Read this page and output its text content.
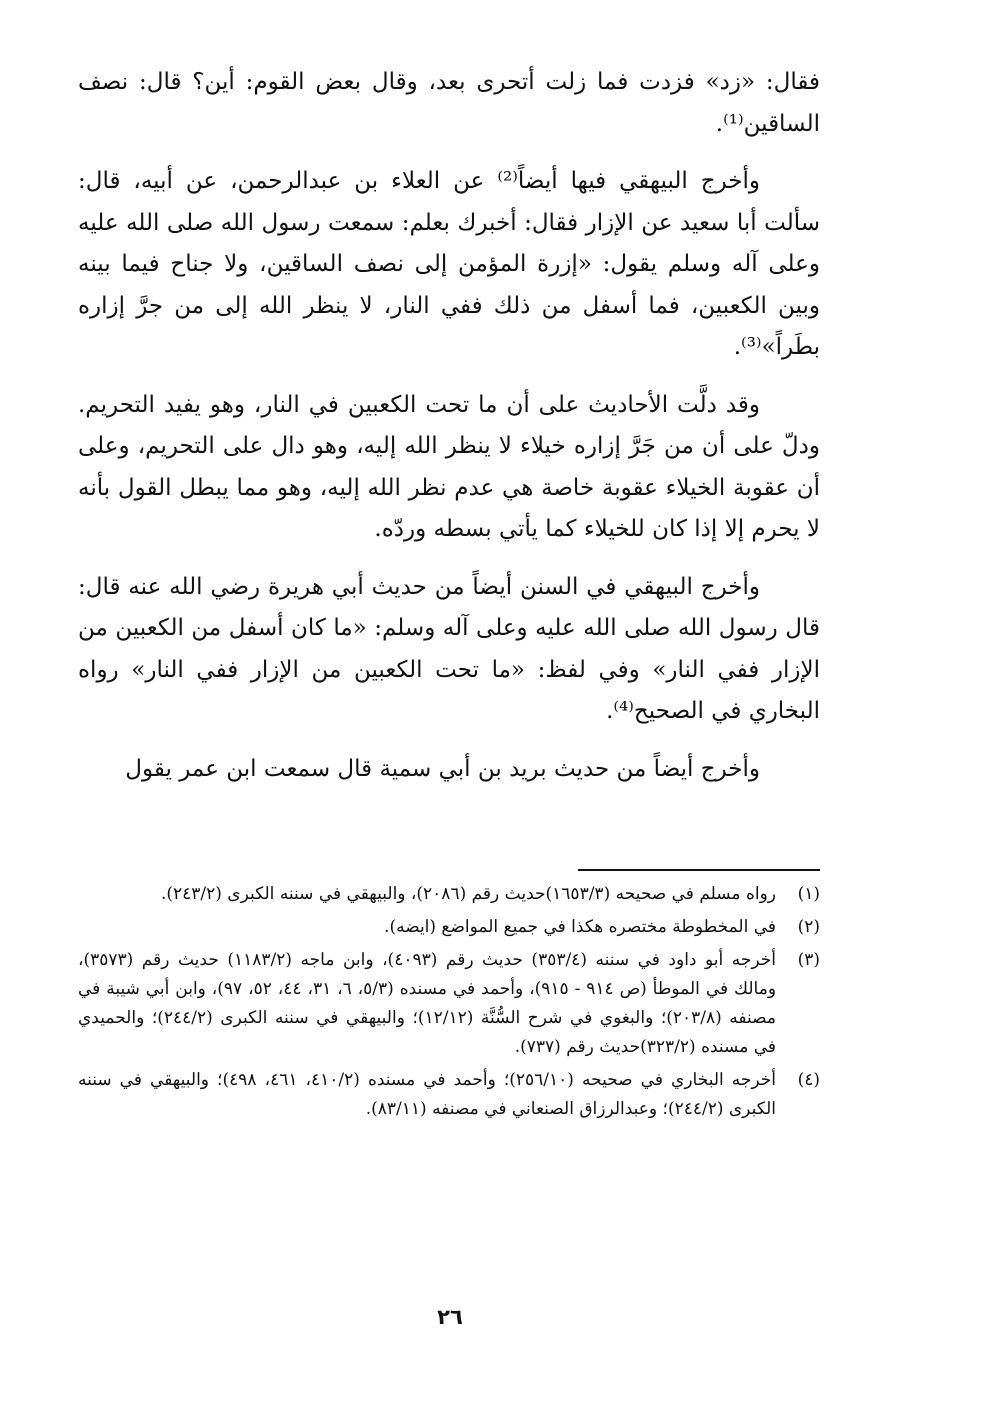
فقال: «زد» فزدت فما زلت أتحرى بعد، وقال بعض القوم: أين؟ قال: نصف الساقين⁽¹⁾.

وأخرج البيهقي فيها أيضاً⁽²⁾ عن العلاء بن عبدالرحمن، عن أبيه، قال: سألت أبا سعيد عن الإزار فقال: أخبرك بعلم: سمعت رسول الله صلى الله عليه وعلى آله وسلم يقول: «إزرة المؤمن إلى نصف الساقين، ولا جناح فيما بينه وبين الكعبين، فما أسفل من ذلك ففي النار، لا ينظر الله إلى من جرَّ إزاره بطَراً»⁽³⁾.

وقد دلَّت الأحاديث على أن ما تحت الكعبين في النار، وهو يفيد التحريم. ودلّ على أن من جَرَّ إزاره خيلاء لا ينظر الله إليه، وهو دال على التحريم، وعلى أن عقوبة الخيلاء عقوبة خاصة هي عدم نظر الله إليه، وهو مما يبطل القول بأنه لا يحرم إلا إذا كان للخيلاء كما يأتي بسطه وردّه.

وأخرج البيهقي في السنن أيضاً من حديث أبي هريرة رضي الله عنه قال: قال رسول الله صلى الله عليه وعلى آله وسلم: «ما كان أسفل من الكعبين من الإزار ففي النار» وفي لفظ: «ما تحت الكعبين من الإزار ففي النار» رواه البخاري في الصحيح⁽⁴⁾.

وأخرج أيضاً من حديث بريد بن أبي سمية قال سمعت ابن عمر يقول

(١)
رواه مسلم في صحيحه (١٦٥٣/٣)حديث رقم (٢٠٨٦)، والبيهقي في سننه الكبرى (٢٤٣/٢).
(٢)
في المخطوطة مختصره هكذا في جميع المواضع (ايضه).
(٣)
أخرجه أبو داود في سننه (٣٥٣/٤) حديث رقم (٤٠٩٣)، وابن ماجه (١١٨٣/٢) حديث رقم (٣٥٧٣)، ومالك في الموطأ (ص ٩١٤ - ٩١٥)، وأحمد في مسنده (٥/٣، ٦، ٣١، ٤٤، ٥٢، ٩٧)، وابن أبي شيبة في مصنفه (٢٠٣/٨)؛ والبغوي في شرح السُّنَّة (١٢/١٢)؛ والبيهقي في سننه الكبرى (٢٤٤/٢)؛ والحميدي في مسنده (٣٢٣/٢)حديث رقم (٧٣٧).
(٤)
أخرجه البخاري في صحيحه (٢٥٦/١٠)؛ وأحمد في مسنده (٤١٠/٢، ٤٦١، ٤٩٨)؛ والبيهقي في سننه الكبرى (٢٤٤/٢)؛ وعبدالرزاق الصنعاني في مصنفه (٨٣/١١).
٢٦
